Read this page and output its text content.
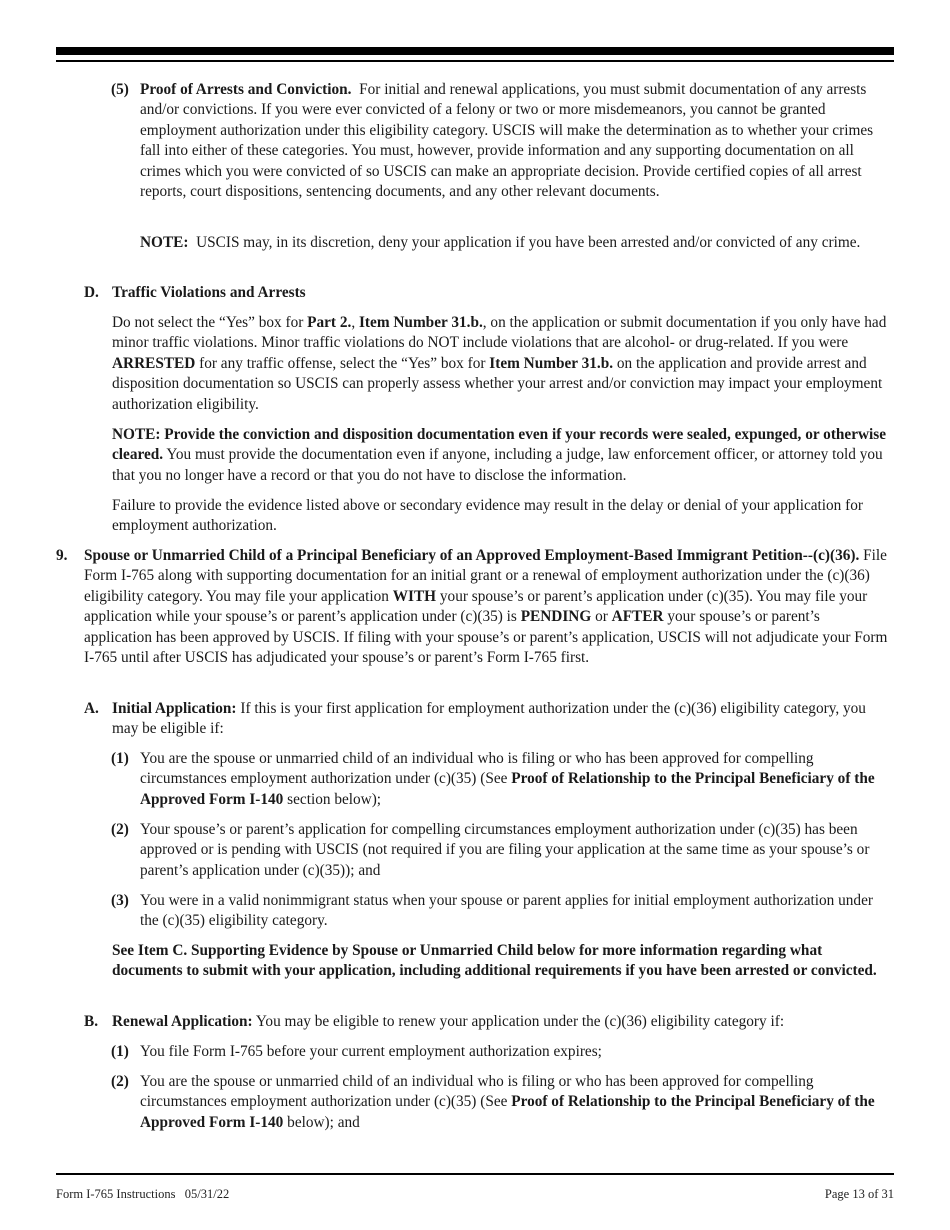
(5) Proof of Arrests and Conviction. For initial and renewal applications, you must submit documentation of any arrests and/or convictions. If you were ever convicted of a felony or two or more misdemeanors, you cannot be granted employment authorization under this eligibility category. USCIS will make the determination as to whether your crimes fall into either of these categories. You must, however, provide information and any supporting documentation on all crimes which you were convicted of so USCIS can make an appropriate decision. Provide certified copies of all arrest reports, court dispositions, sentencing documents, and any other relevant documents.

NOTE: USCIS may, in its discretion, deny your application if you have been arrested and/or convicted of any crime.

D. Traffic Violations and Arrests

Do not select the “Yes” box for Part 2., Item Number 31.b., on the application or submit documentation if you only have had minor traffic violations. Minor traffic violations do NOT include violations that are alcohol- or drug-related. If you were ARRESTED for any traffic offense, select the “Yes” box for Item Number 31.b. on the application and provide arrest and disposition documentation so USCIS can properly assess whether your arrest and/or conviction may impact your employment authorization eligibility.

NOTE: Provide the conviction and disposition documentation even if your records were sealed, expunged, or otherwise cleared. You must provide the documentation even if anyone, including a judge, law enforcement officer, or attorney told you that you no longer have a record or that you do not have to disclose the information.

Failure to provide the evidence listed above or secondary evidence may result in the delay or denial of your application for employment authorization.

9.	Spouse or Unmarried Child of a Principal Beneficiary of an Approved Employment-Based Immigrant Petition--(c)(36). File Form I-765 along with supporting documentation for an initial grant or a renewal of employment authorization under the (c)(36) eligibility category. You may file your application WITH your spouse’s or parent’s application under (c)(35). You may file your application while your spouse’s or parent’s application under (c)(35) is PENDING or AFTER your spouse’s or parent’s application has been approved by USCIS. If filing with your spouse’s or parent’s application, USCIS will not adjudicate your Form I-765 until after USCIS has adjudicated your spouse’s or parent’s Form I-765 first.

A. Initial Application: If this is your first application for employment authorization under the (c)(36) eligibility category, you may be eligible if:

(1) You are the spouse or unmarried child of an individual who is filing or who has been approved for compelling circumstances employment authorization under (c)(35) (See Proof of Relationship to the Principal Beneficiary of the Approved Form I-140 section below);

(2) Your spouse’s or parent’s application for compelling circumstances employment authorization under (c)(35) has been approved or is pending with USCIS (not required if you are filing your application at the same time as your spouse’s or parent’s application under (c)(35)); and

(3) You were in a valid nonimmigrant status when your spouse or parent applies for initial employment authorization under the (c)(35) eligibility category.

See Item C. Supporting Evidence by Spouse or Unmarried Child below for more information regarding what documents to submit with your application, including additional requirements if you have been arrested or convicted.

B. Renewal Application: You may be eligible to renew your application under the (c)(36) eligibility category if:

(1) You file Form I-765 before your current employment authorization expires;

(2) You are the spouse or unmarried child of an individual who is filing or who has been approved for compelling circumstances employment authorization under (c)(35) (See Proof of Relationship to the Principal Beneficiary of the Approved Form I-140 below); and

Form I-765 Instructions   05/31/22	Page 13 of 31
